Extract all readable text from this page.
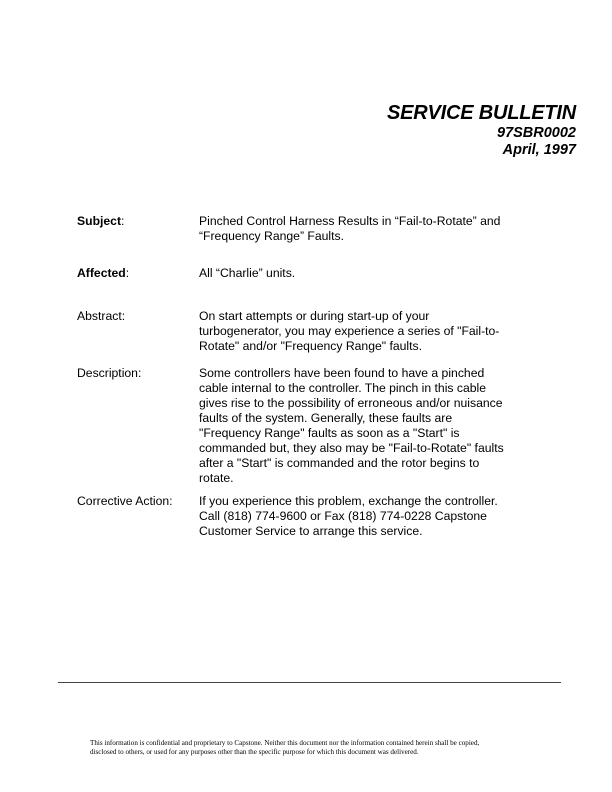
SERVICE BULLETIN
97SBR0002
April, 1997
Subject:	Pinched Control Harness Results in “Fail-to-Rotate” and
“Frequency Range” Faults.
Affected:	All “Charlie” units.
Abstract:	On start attempts or during start-up of your
turbogenerator, you may experience a series of "Fail-to-
Rotate" and/or "Frequency Range" faults.
Description:	Some controllers have been found to have a pinched
cable internal to the controller. The pinch in this cable
gives rise to the possibility of erroneous and/or nuisance
faults of the system. Generally, these faults are
"Frequency Range" faults as soon as a "Start" is
commanded but, they also may be "Fail-to-Rotate" faults
after a "Start" is commanded and the rotor begins to
rotate.
Corrective Action: If you experience this problem, exchange the controller.
Call (818) 774-9600 or Fax (818) 774-0228 Capstone
Customer Service to arrange this service.
This information is confidential and proprietary to Capstone. Neither this document nor the information contained herein shall be copied,
disclosed to others, or used for any purposes other than the specific purpose for which this document was delivered.
